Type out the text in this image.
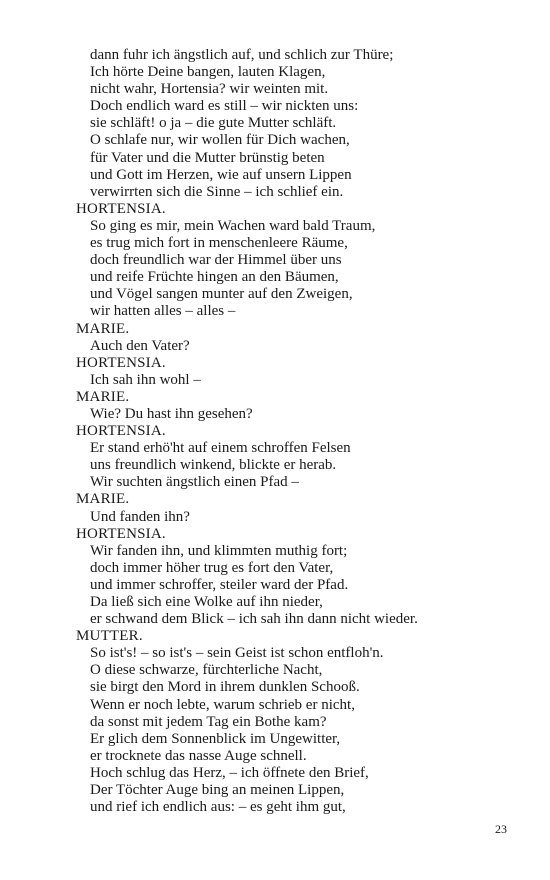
dann fuhr ich ängstlich auf, und schlich zur Thüre;
Ich hörte Deine bangen, lauten Klagen,
nicht wahr, Hortensia? wir weinten mit.
Doch endlich ward es still – wir nickten uns:
sie schläft! o ja – die gute Mutter schläft.
O schlafe nur, wir wollen für Dich wachen,
für Vater und die Mutter brünstig beten
und Gott im Herzen, wie auf unsern Lippen
verwirrten sich die Sinne – ich schlief ein.
HORTENSIA.
So ging es mir, mein Wachen ward bald Traum,
es trug mich fort in menschenleere Räume,
doch freundlich war der Himmel über uns
und reife Früchte hingen an den Bäumen,
und Vögel sangen munter auf den Zweigen,
wir hatten alles – alles –
MARIE.
Auch den Vater?
HORTENSIA.
Ich sah ihn wohl –
MARIE.
Wie? Du hast ihn gesehen?
HORTENSIA.
Er stand erhö'ht auf einem schroffen Felsen
uns freundlich winkend, blickte er herab.
Wir suchten ängstlich einen Pfad –
MARIE.
Und fanden ihn?
HORTENSIA.
Wir fanden ihn, und klimmten muthig fort;
doch immer höher trug es fort den Vater,
und immer schroffer, steiler ward der Pfad.
Da ließ sich eine Wolke auf ihn nieder,
er schwand dem Blick – ich sah ihn dann nicht wieder.
MUTTER.
So ist's! – so ist's – sein Geist ist schon entfloh'n.
O diese schwarze, fürchterliche Nacht,
sie birgt den Mord in ihrem dunklen Schooß.
Wenn er noch lebte, warum schrieb er nicht,
da sonst mit jedem Tag ein Bothe kam?
Er glich dem Sonnenblick im Ungewitter,
er trocknete das nasse Auge schnell.
Hoch schlug das Herz, – ich öffnete den Brief,
Der Töchter Auge bing an meinen Lippen,
und rief ich endlich aus: – es geht ihm gut,
23
